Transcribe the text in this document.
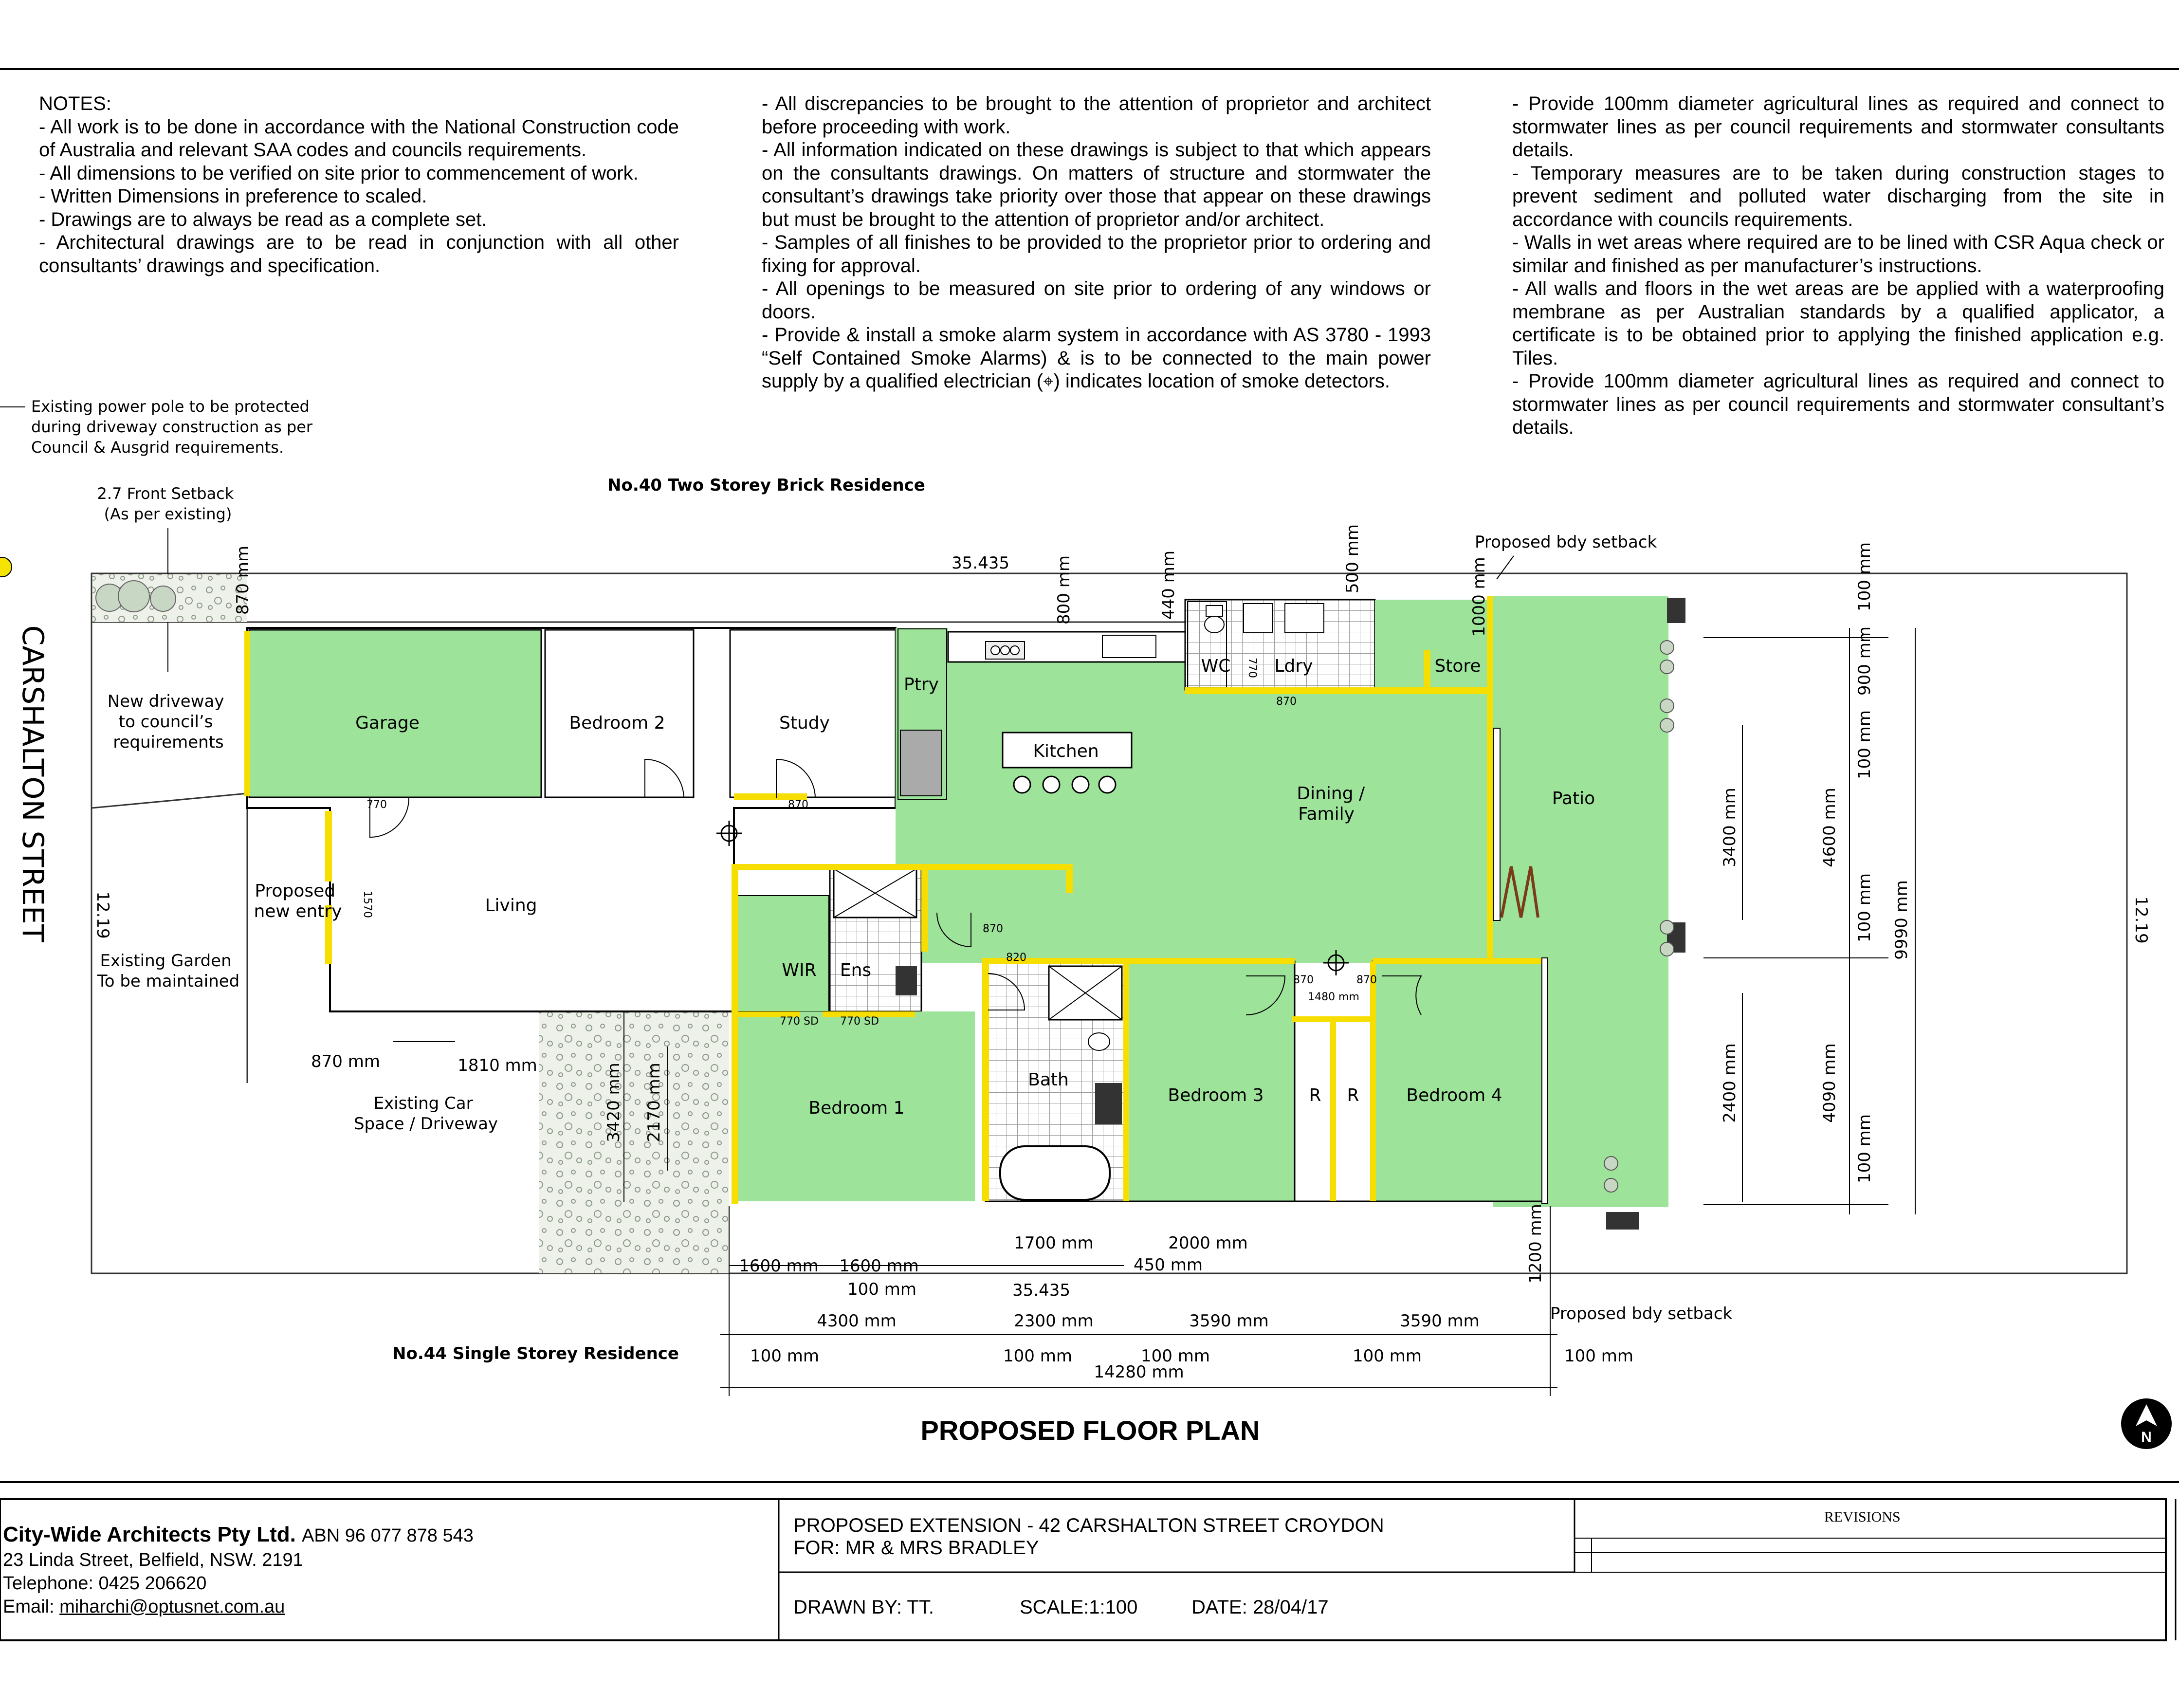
NOTES:

- All work is to be done in accordance with the National Construction code of Australia and relevant SAA codes and councils requirements.

- All dimensions to be verified on site prior to commencement of work.

- Written Dimensions in preference to scaled.

- Drawings are to always be read as a complete set.

- Architectural drawings are to be read in conjunction with all other consultants’ drawings and specification.

- All discrepancies to be brought to the attention of proprietor and architect before proceeding with work.

- All information indicated on these drawings is subject to that which appears on the consultants drawings. On matters of structure and stormwater the consultant’s drawings take priority over those that appear on these drawings but must be brought to the attention of proprietor and/or architect.

- Samples of all finishes to be provided to the proprietor prior to ordering and fixing for approval.

- All openings to be measured on site prior to ordering of any windows or doors.

- Provide & install a smoke alarm system in accordance with AS 3780 - 1993 “Self Contained Smoke Alarms) & is to be connected to the main power supply by a qualified electrician (⌖) indicates location of smoke detectors.

- Provide 100mm diameter agricultural lines as required and connect to stormwater lines as per council requirements and stormwater consultants details.

- Temporary measures are to be taken during construction stages to prevent sediment and polluted water discharging from the site in accordance with councils requirements.

- Walls in wet areas where required are to be lined with CSR Aqua check or similar and finished as per manufacturer’s instructions.

- All walls and floors in the wet areas are be applied with a waterproofing membrane as per Australian standards by a qualified applicator, a certificate is to be obtained prior to applying the finished application e.g. Tiles.

- Provide 100mm diameter agricultural lines as required and connect to stormwater lines as per council requirements and stormwater consultant’s details.

CARSHALTON STREET	12.19	12.19
Existing power pole to be protected during driveway construction as per Council & Ausgrid requirements.
2.7 Front Setback (As per existing)
No.40 Two Storey Brick Residence
No.44 Single Storey Residence
New driveway to council’s requirements
Existing Garden To be maintained
Existing Car Space / Driveway
35.435
35.435
Garage	Bedroom 2	Study
Ptry
Kitchen
WC	Ldry	Store
Dining / Family
Patio
Proposed new entry	Living
WIR Ens
Bath
Bedroom 1
Bedroom 3	R R	Bedroom 4
770	870
1570
770
870
870
820
770 SD 770 SD
870	870
1480 mm
870 mm	800 mm	440 mm	500 mm	1000 mm
Proposed bdy setback
870 mm	1810 mm	3420 mm 2170 mm
1600 mm 1600 mm
100 mm
1700 mm	2000 mm
450 mm
4300 mm	2300 mm	3590 mm	3590 mm
100 mm	100 mm	100 mm	100 mm	100 mm
14280 mm
1200 mm
Proposed bdy setback
100 mm
900 mm
100 mm
3400 mm	4600 mm
100 mm 9990 mm
2400 mm	4090 mm
100 mm
PROPOSED FLOOR PLAN	N
City-Wide Architects Pty Ltd. ABN 96 077 878 543
23 Linda Street, Belfield, NSW. 2191
Telephone: 0425 206620
Email: miharchi@optusnet.com.au
PROPOSED EXTENSION - 42 CARSHALTON STREET CROYDON
FOR: MR & MRS BRADLEY
DRAWN BY: TT.	SCALE:1:100	DATE: 28/04/17
REVISIONS
